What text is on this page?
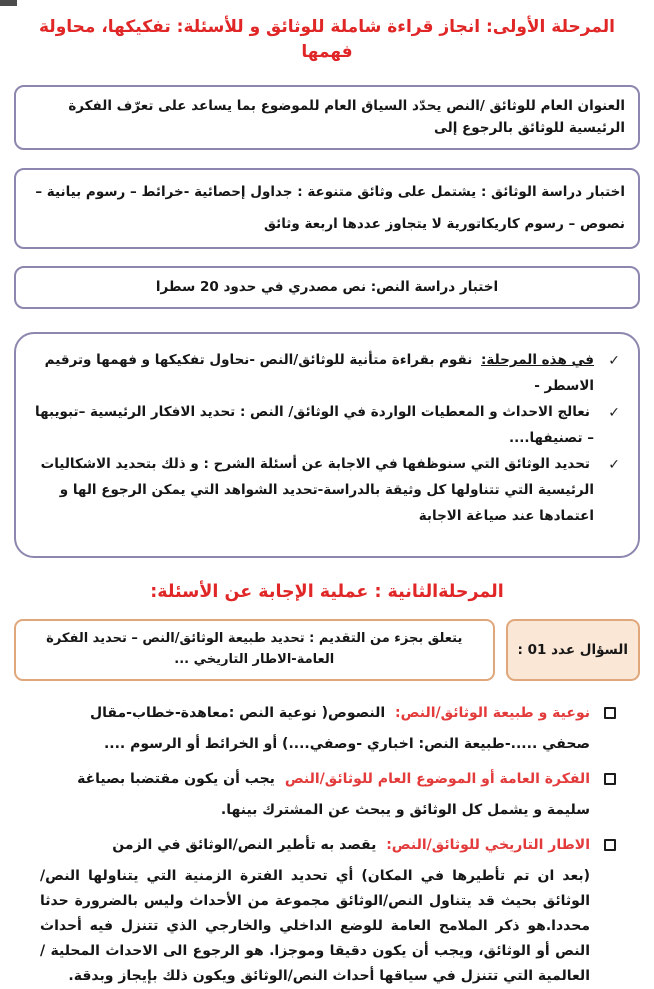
المرحلة الأولى: انجاز قراءة شاملة للوثائق و للأسئلة: تفكيكها، محاولة فهمها
العنوان العام للوثائق /النص يحدّد السياق العام للموضوع بما يساعد على تعرّف الفكرة الرئيسية للوثائق بالرجوع إلى
اختبار دراسة الوثائق : يشتمل على وثائق متنوعة : جداول إحصائية -خرائط – رسوم بيانية – نصوص – رسوم كاريكاتورية لا يتجاوز عددها اربعة وثائق
اختبار دراسة النص: نص مصدري في حدود 20 سطرا
✓
في هذه المرحلة: نقوم بقراءة متأنية للوثائق/النص -نحاول تفكيكها و فهمها وترقيم الاسطر -
✓
نعالج الاحداث و المعطيات الواردة في الوثائق/ النص : تحديد الافكار الرئيسية –تبويبها – تصنيفها....
✓
تحديد الوثائق التي سنوظفها في الاجابة عن أسئلة الشرح : و ذلك بتحديد الاشكاليات الرئيسية التي تتناولها كل وثيقة بالدراسة-تحديد الشواهد التي يمكن الرجوع الها و اعتمادها عند صياغة الاجابة
المرحلةالثانية : عملية الإجابة عن الأسئلة:
السؤال عدد 01 :
يتعلق بجزء من التقديم : تحديد طبيعة الوثائق/النص – تحديد الفكرة العامة-الاطار التاريخي ...
نوعية و طبيعة الوثائق/النص: النصوص( نوعية النص :معاهدة-خطاب-مقال صحفي .....-طبيعة النص: اخباري -وصفي....) أو الخرائط أو الرسوم ....
الفكرة العامة أو الموضوع العام للوثائق/النص يجب أن يكون مقتضبا بصياغة سليمة و يشمل كل الوثائق و يبحث عن المشترك بينها.
الاطار التاريخي للوثائق/النص: يقصد به تأطير النص/الوثائق في الزمن

(بعد ان تم تأطيرها في المكان) أي تحديد الفترة الزمنية التي يتناولها النص/الوثائق بحيث قد يتناول النص/الوثائق مجموعة من الأحداث وليس بالضرورة حدثا محددا.هو ذكر الملامح العامة للوضع الداخلي والخارجي الذي تتنزل فيه أحداث النص أو الوثائق، ويجب أن يكون دقيقا وموجزا. هو الرجوع الى الاحداث المحلية / العالمية التي تتنزل في سياقها أحداث النص/الوثائق ويكون ذلك بإيجاز وبدقة.
